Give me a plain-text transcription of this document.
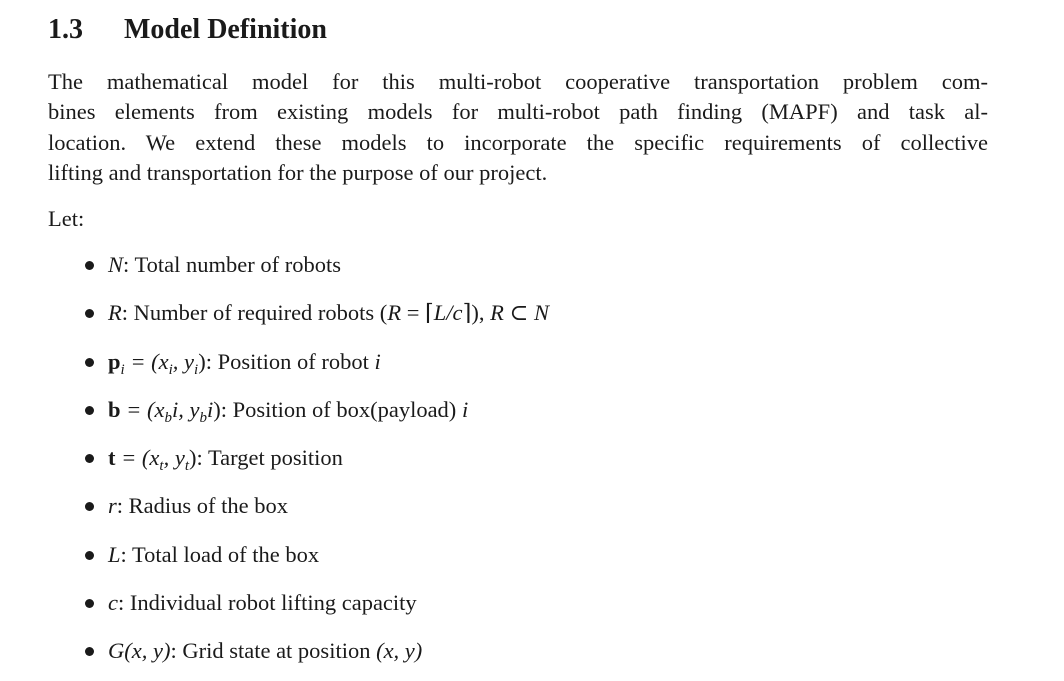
1.3 Model Definition
The mathematical model for this multi-robot cooperative transportation problem com-
bines elements from existing models for multi-robot path finding (MAPF) and task al-
location. We extend these models to incorporate the specific requirements of collective
lifting and transportation for the purpose of our project.
Let:
N: Total number of robots
R: Number of required robots (R = ⌈L/c⌉), R ⊂ N
$p_i = (x_i$, $y_i$): Position of robot i
$b = (x_bi$, $y_bi$): Position of box(payload) i
$t = (x_t$, $y_t$): Target position
r: Radius of the box
L: Total load of the box
c: Individual robot lifting capacity
G(x, y): Grid state at position (x, y)
